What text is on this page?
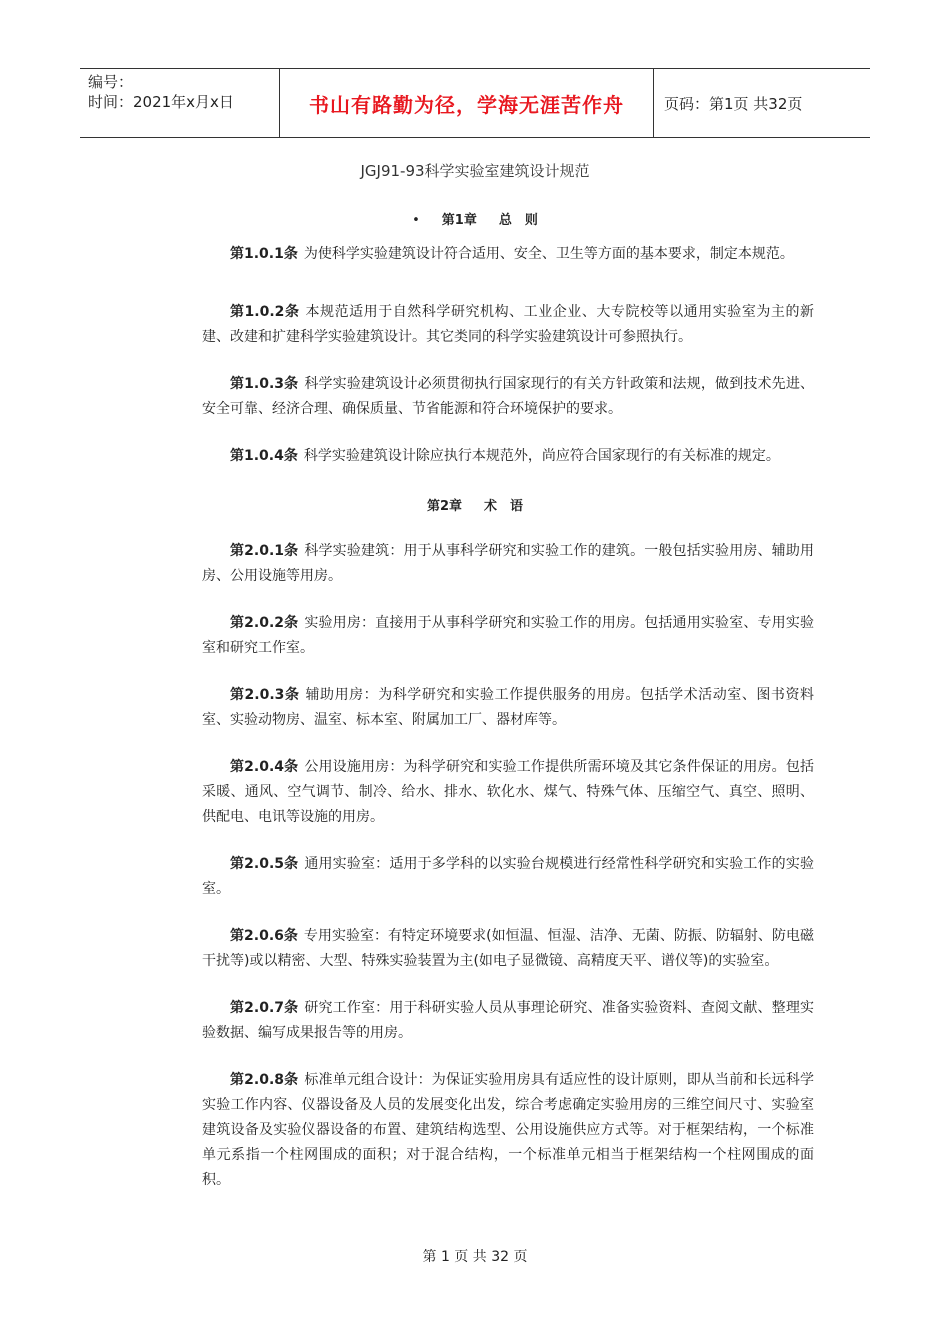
编号：
时间：2021年x月x日	书山有路勤为径，学海无涯苦作舟	页码：第1页 共32页
JGJ91-93科学实验室建筑设计规范
• 第1章 总　则

第1.0.1条 为使科学实验建筑设计符合适用、安全、卫生等方面的基本要求，制定本规范。

第1.0.2条 本规范适用于自然科学研究机构、工业企业、大专院校等以通用实验室为主的新建、改建和扩建科学实验建筑设计。其它类同的科学实验建筑设计可参照执行。

第1.0.3条 科学实验建筑设计必须贯彻执行国家现行的有关方针政策和法规，做到技术先进、安全可靠、经济合理、确保质量、节省能源和符合环境保护的要求。

第1.0.4条 科学实验建筑设计除应执行本规范外，尚应符合国家现行的有关标准的规定。

第2章 术　语

第2.0.1条 科学实验建筑：用于从事科学研究和实验工作的建筑。一般包括实验用房、辅助用房、公用设施等用房。

第2.0.2条 实验用房：直接用于从事科学研究和实验工作的用房。包括通用实验室、专用实验室和研究工作室。

第2.0.3条 辅助用房：为科学研究和实验工作提供服务的用房。包括学术活动室、图书资料室、实验动物房、温室、标本室、附属加工厂、器材库等。

第2.0.4条 公用设施用房：为科学研究和实验工作提供所需环境及其它条件保证的用房。包括采暖、通风、空气调节、制冷、给水、排水、软化水、煤气、特殊气体、压缩空气、真空、照明、供配电、电讯等设施的用房。

第2.0.5条 通用实验室：适用于多学科的以实验台规模进行经常性科学研究和实验工作的实验室。

第2.0.6条 专用实验室：有特定环境要求(如恒温、恒湿、洁净、无菌、防振、防辐射、防电磁干扰等)或以精密、大型、特殊实验装置为主(如电子显微镜、高精度天平、谱仪等)的实验室。

第2.0.7条 研究工作室：用于科研实验人员从事理论研究、准备实验资料、查阅文献、整理实验数据、编写成果报告等的用房。

第2.0.8条 标准单元组合设计：为保证实验用房具有适应性的设计原则，即从当前和长远科学实验工作内容、仪器设备及人员的发展变化出发，综合考虑确定实验用房的三维空间尺寸、实验室建筑设备及实验仪器设备的布置、建筑结构选型、公用设施供应方式等。对于框架结构，一个标准单元系指一个柱网围成的面积；对于混合结构，一个标准单元相当于框架结构一个柱网围成的面积。

第 1 页 共 32 页
